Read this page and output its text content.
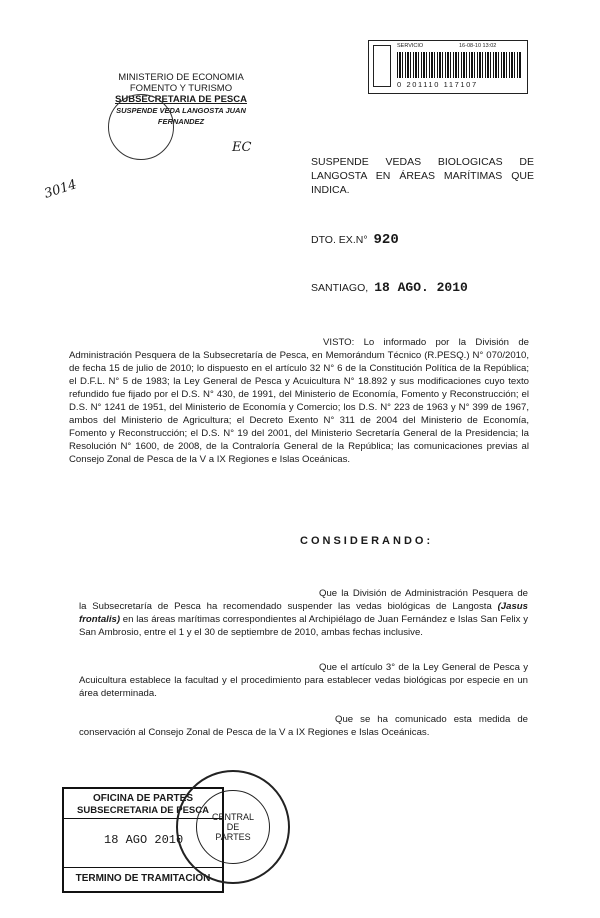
MINISTERIO DE ECONOMIA
FOMENTO Y TURISMO
SUBSECRETARIA DE PESCA
SUSPENDE VEDA LANGOSTA JUAN FERNANDEZ
EC
3014
SERVICIO	16-08-10 13:02
0 201110 117107
SUSPENDE VEDAS BIOLOGICAS DE LANGOSTA EN ÁREAS MARÍTIMAS QUE INDICA.
DTO. EX.N° 920
SANTIAGO, 18 AGO. 2010
VISTO: Lo informado por la División de Administración Pesquera de la Subsecretaría de Pesca, en Memorándum Técnico (R.PESQ.) N° 070/2010, de fecha 15 de julio de 2010; lo dispuesto en el artículo 32 N° 6 de la Constitución Política de la República; el D.F.L. N° 5 de 1983; la Ley General de Pesca y Acuicultura N° 18.892 y sus modificaciones cuyo texto refundido fue fijado por el D.S. N° 430, de 1991, del Ministerio de Economía, Fomento y Reconstrucción; el D.S. N° 1241 de 1951, del Ministerio de Economía y Comercio; los D.S. N° 223 de 1963 y N° 399 de 1967, ambos del Ministerio de Agricultura; el Decreto Exento N° 311 de 2004 del Ministerio de Economía, Fomento y Reconstrucción; el D.S. N° 19 del 2001, del Ministerio Secretaría General de la Presidencia; la Resolución N° 1600, de 2008, de la Contraloría General de la República; las comunicaciones previas al Consejo Zonal de Pesca de la V a IX Regiones e Islas Oceánicas.
CONSIDERANDO:
Que la División de Administración Pesquera de la Subsecretaría de Pesca ha recomendado suspender las vedas biológicas de Langosta (Jasus frontalis) en las áreas marítimas correspondientes al Archipiélago de Juan Fernández e Islas San Felix y San Ambrosio, entre el 1 y el 30 de septiembre de 2010, ambas fechas inclusive.
Que el artículo 3° de la Ley General de Pesca y Acuicultura establece la facultad y el procedimiento para establecer vedas biológicas por especie en un área determinada.
Que se ha comunicado esta medida de conservación al Consejo Zonal de Pesca de la V a IX Regiones e Islas Oceánicas.
OFICINA DE PARTES
SUBSECRETARIA DE PESCA
18 AGO 2010
TERMINO DE TRAMITACION
CENTRAL DE PARTES
